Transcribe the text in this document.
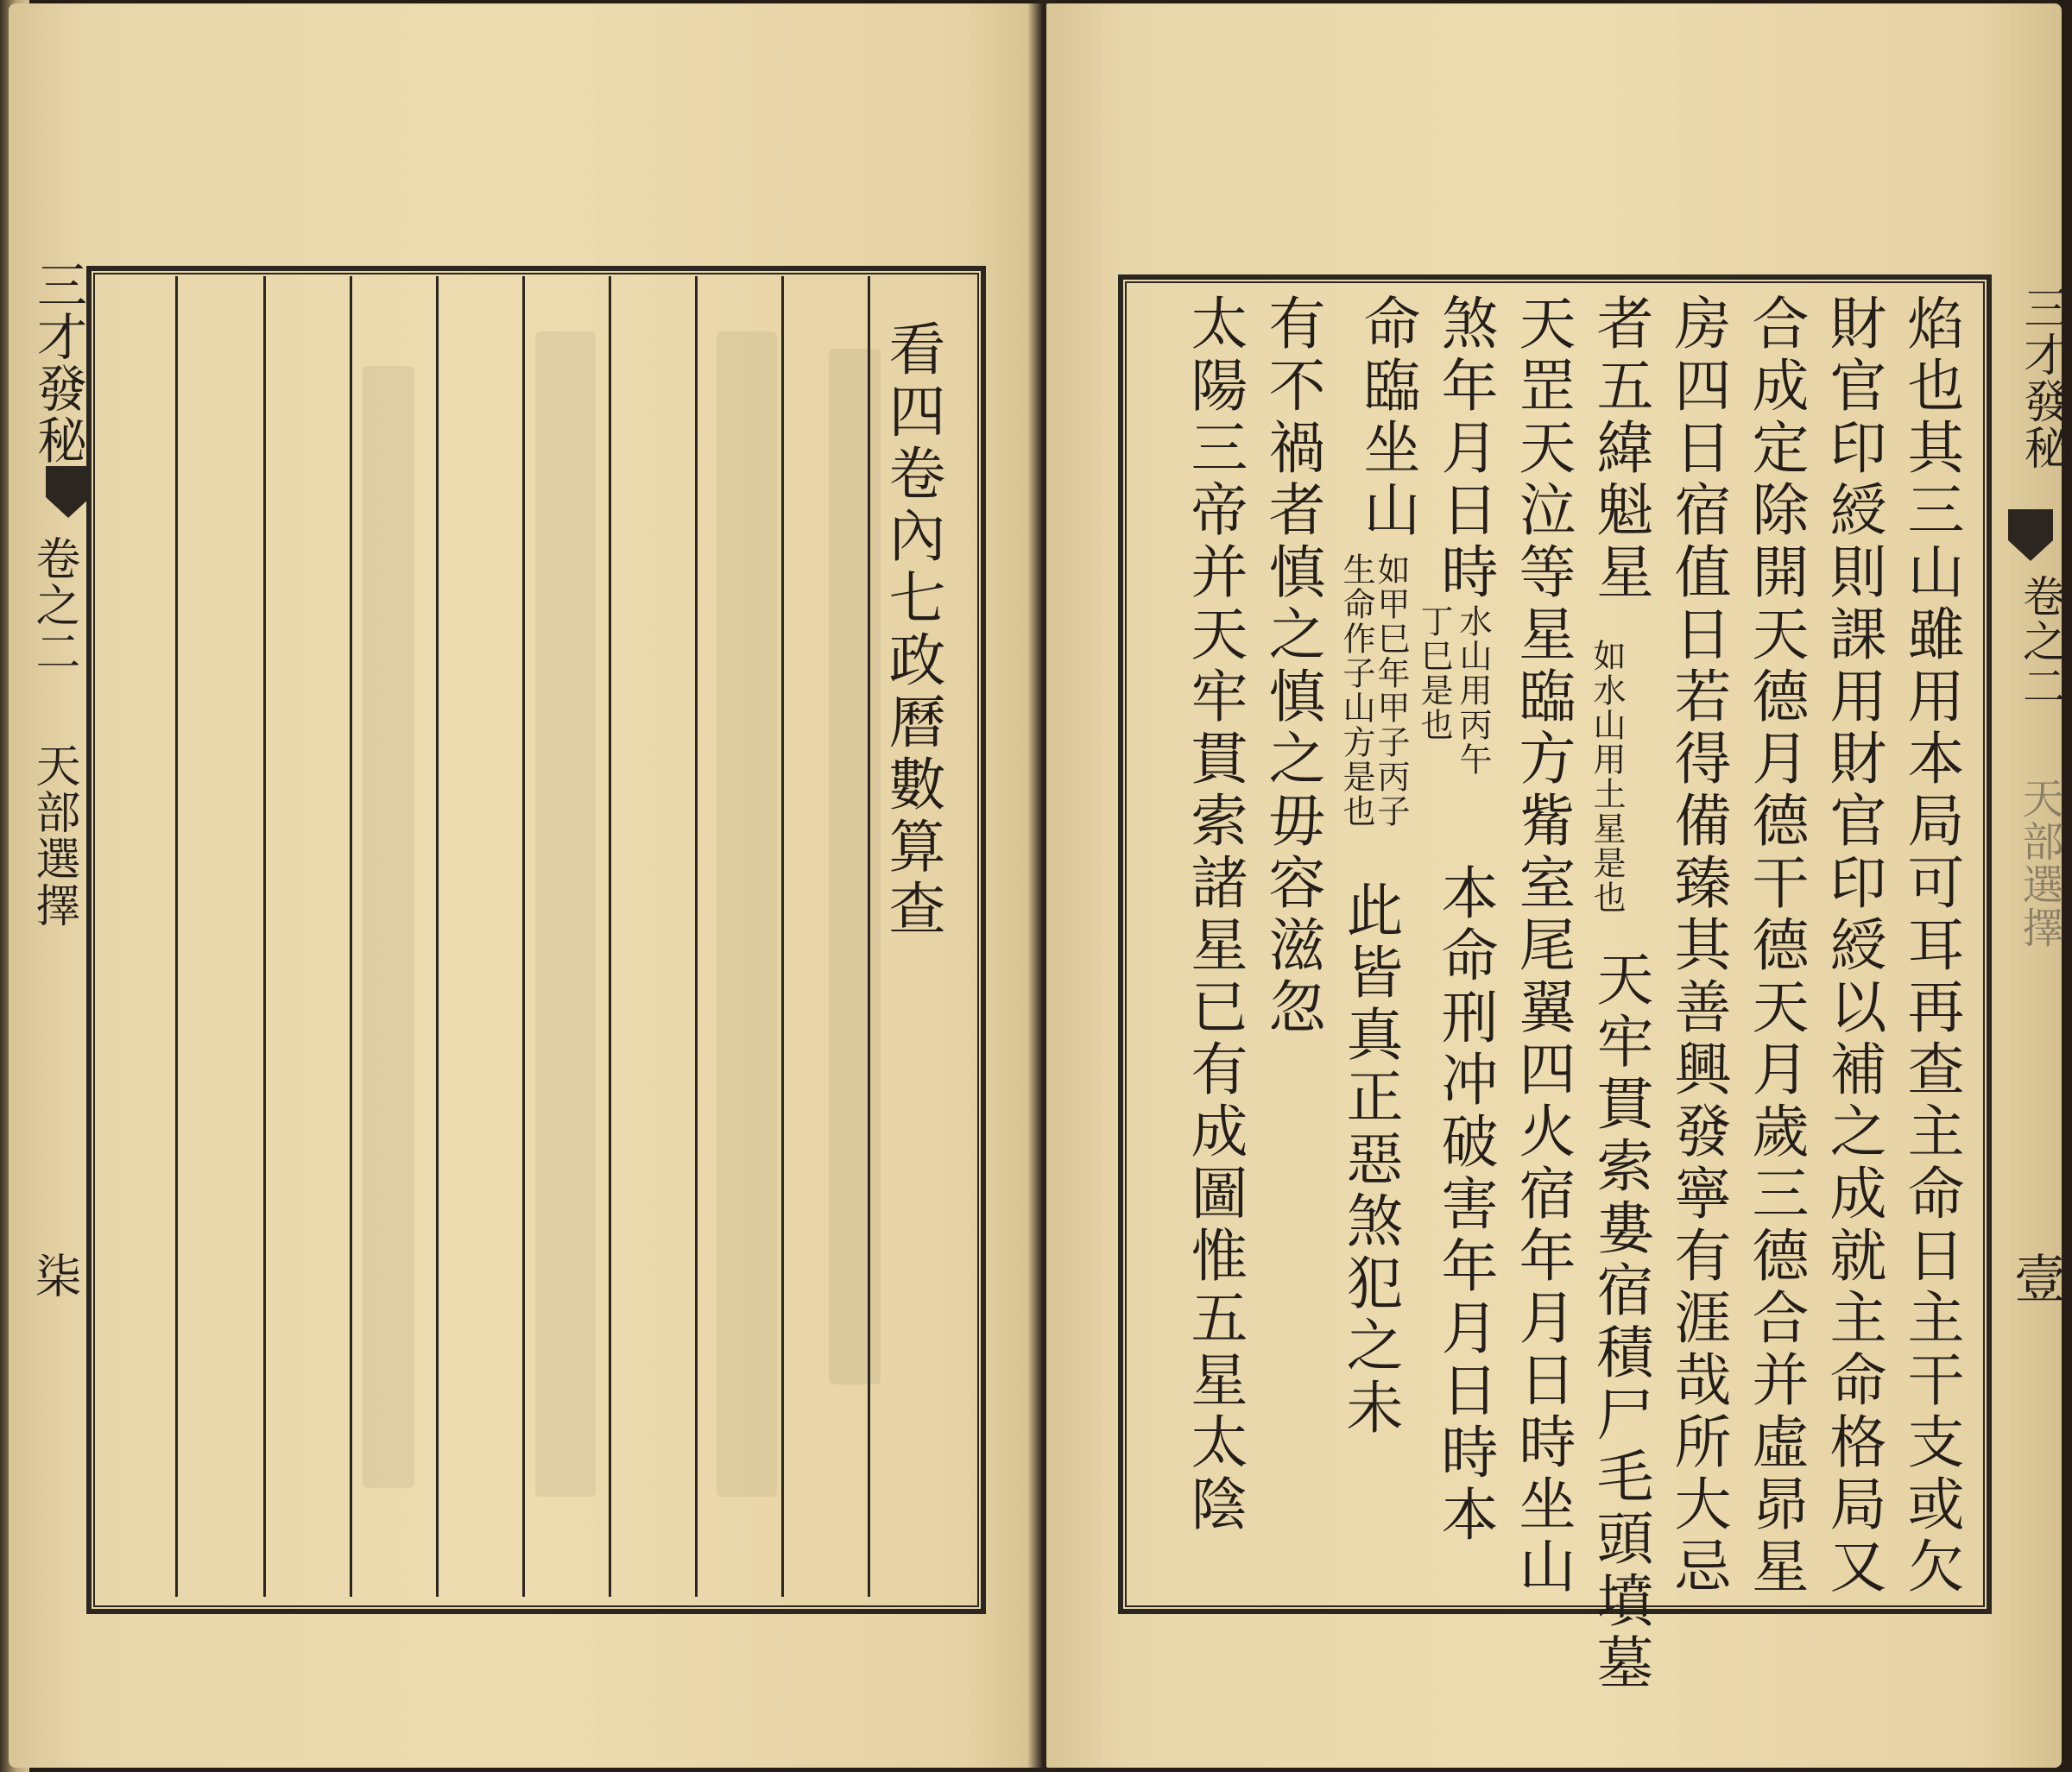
三才發秘
卷之二
天部選擇
柒
看四卷內七政曆數算查	三才發秘
卷之二
天部選擇
壹
焰也其三山雖用本局可耳再查主命日主干支或欠
財官印綬則課用財官印綬以補之成就主命格局又
合成定除開天德月德干德天月歲三德合并虛昴星
房四日宿值日若得備臻其善興發寧有涯哉所大忌
者五緯魁星
如水山用土星是也
天牢貫索婁宿積尸毛頭墳墓
天罡天泣等星臨方觜室尾翼四火宿年月日時坐山
煞年月日時
水山用丙午
丁巳是也
本命刑冲破害年月日時本
命臨坐山
如甲巳年甲子丙子
生命作子山方是也
此皆真正惡煞犯之未
有不禍者慎之慎之毋容滋忽
太陽三帝并天牢貫索諸星已有成圖惟五星太陰
